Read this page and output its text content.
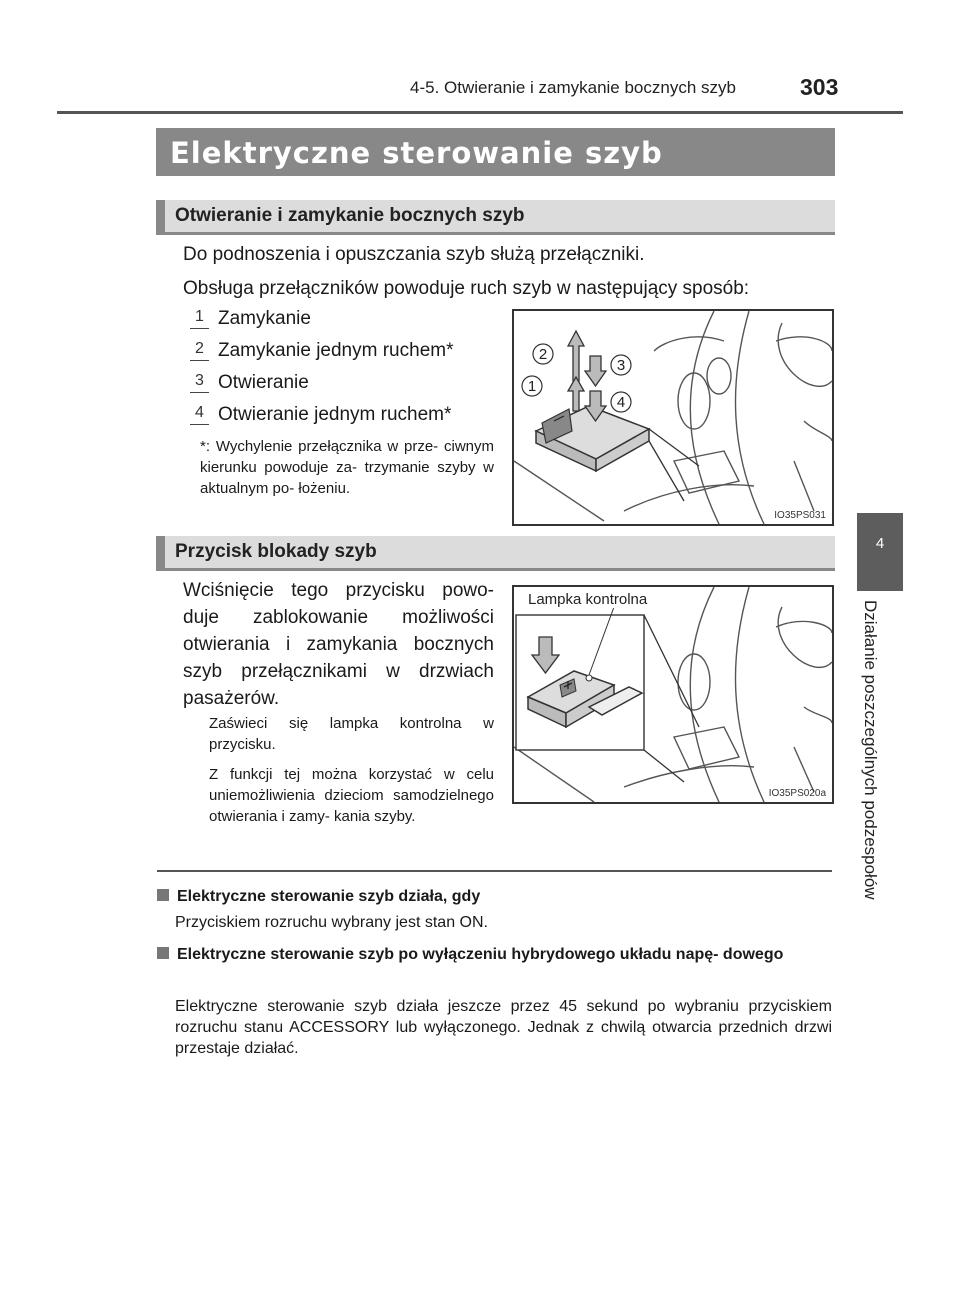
4-5. Otwieranie i zamykanie bocznych szyb	303
4
Działanie poszczególnych podzespołów
Elektryczne sterowanie szyb
Otwieranie i zamykanie bocznych szyb
Do podnoszenia i opuszczania szyb służą przełączniki.
Obsługa przełączników powoduje ruch szyb w następujący sposób:
1 Zamykanie
2 Zamykanie jednym ruchem*
3 Otwieranie
4 Otwieranie jednym ruchem*
*: Wychylenie przełącznika w prze- ciwnym kierunku powoduje za- trzymanie szyby w aktualnym po- łożeniu.
2
3
1
4
IO35PS031
Przycisk blokady szyb
Wciśnięcie tego przycisku powo- duje zablokowanie możliwości otwierania i zamykania bocznych szyb przełącznikami w drzwiach pasażerów.
Zaświeci się lampka kontrolna w przycisku.
Z funkcji tej można korzystać w celu uniemożliwienia dzieciom samodzielnego otwierania i zamy- kania szyby.
Lampka kontrolna
IO35PS020a
Elektryczne sterowanie szyb działa, gdy
Przyciskiem rozruchu wybrany jest stan ON.
Elektryczne sterowanie szyb po wyłączeniu hybrydowego układu napę- dowego
Elektryczne sterowanie szyb działa jeszcze przez 45 sekund po wybraniu przyciskiem rozruchu stanu ACCESSORY lub wyłączonego. Jednak z chwilą otwarcia przednich drzwi przestaje działać.
